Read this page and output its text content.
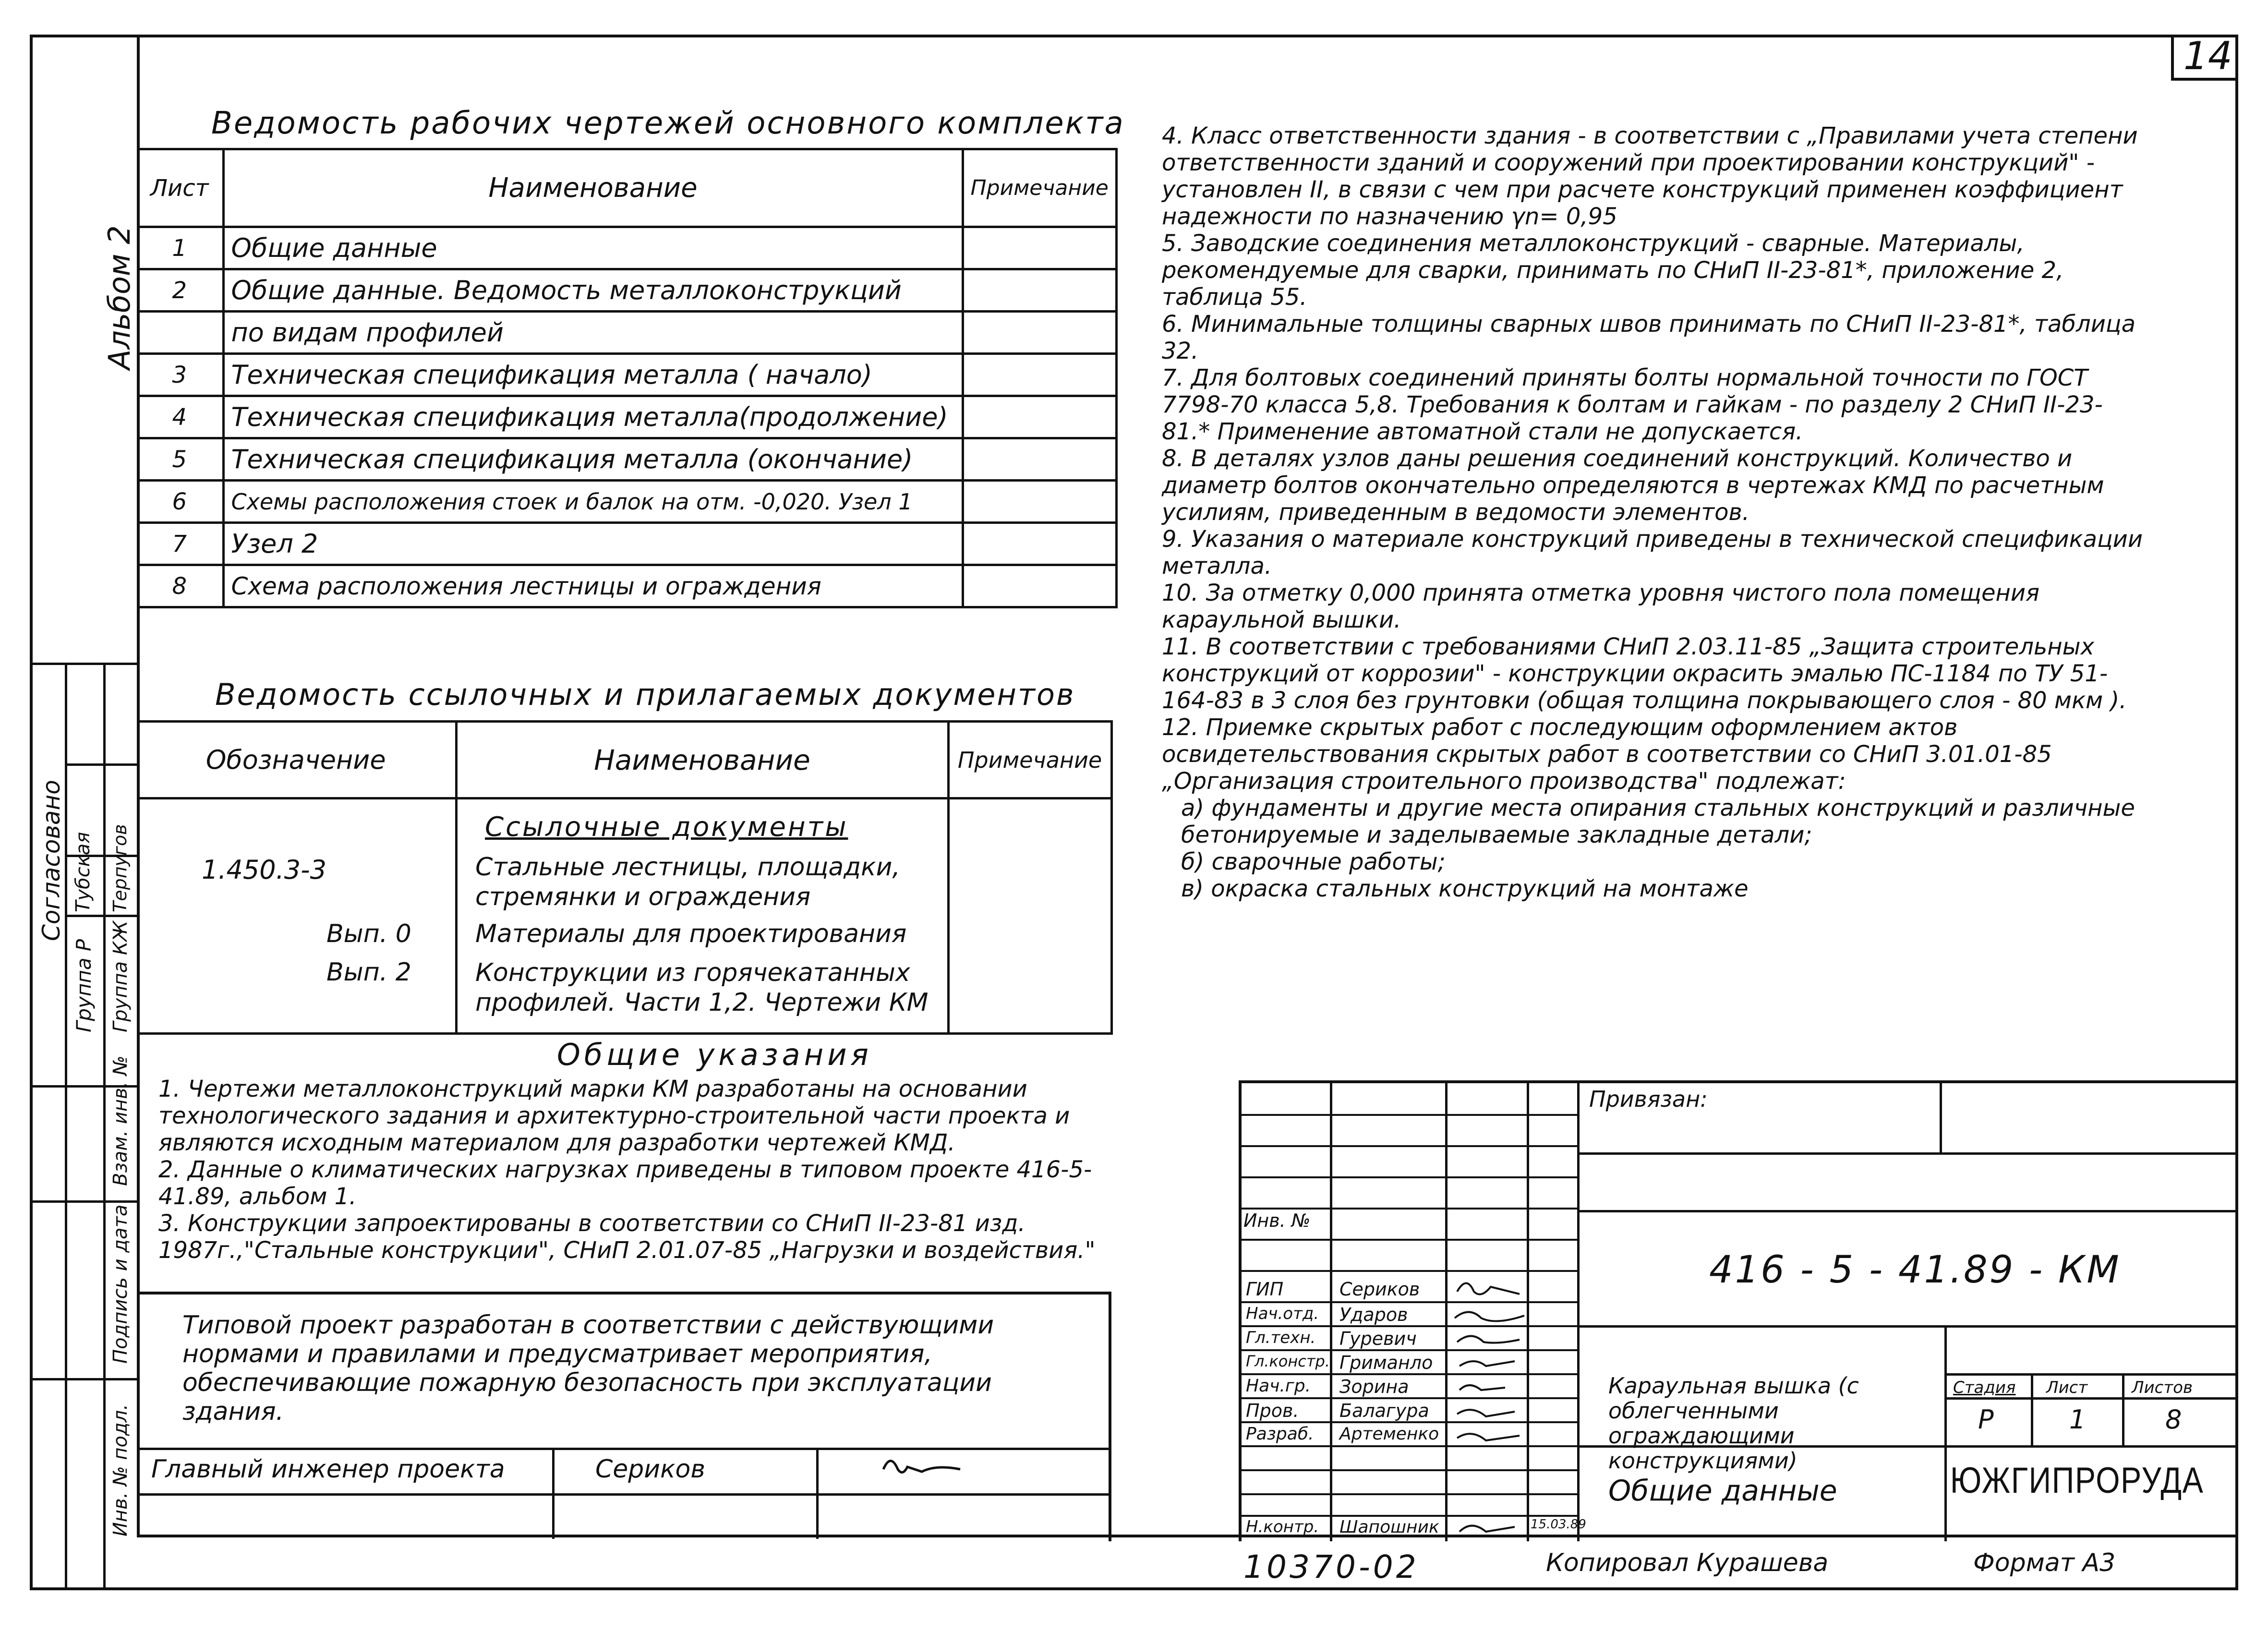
14
Альбом 2
Ведомость рабочих чертежей основного комплекта
Лист	Наименование	Примечание
1	Общие данные	
2	Общие данные. Ведомость металлоконструкций	
	по видам профилей	
3	Техническая спецификация металла ( начало)	
4	Техническая спецификация металла(продолжение)	
5	Техническая спецификация металла (окончание)	
6	Схемы расположения стоек и балок на отм. -0,020. Узел 1	
7	Узел 2	
8	Схема расположения лестницы и ограждения	
Ведомость ссылочных и прилагаемых документов
Обозначение	Наименование	Примечание

Ссылочные документы
1.450.3-3	Стальные лестницы, площадки, стремянки и ограждения
Вып. 0	Материалы для проектирования
Вып. 2	Конструкции из горячекатанных профилей. Части 1,2. Чертежи КМ
Общие указания

1. Чертежи металлоконструкций марки КМ разработаны на основании технологического задания и архитектурно-строительной части проекта и являются исходным материалом для разработки чертежей КМД.

2. Данные о климатических нагрузках приведены в типовом проекте 416-5-41.89, альбом 1.

3. Конструкции запроектированы в соответствии со СНиП II-23-81 изд. 1987г.,"Стальные конструкции", СНиП 2.01.07-85 „Нагрузки и воздействия."

Типовой проект разработан в соответствии с действующими нормами и правилами и предусматривает мероприятия, обеспечивающие пожарную безопасность при эксплуатации здания.
Главный инженер проекта	Сериков
Согласовано
Группа Р
Тубская
Группа КЖ
Терпугов
Взам. инв. №
Подпись и дата
Инв. № подл.

4. Класс ответственности здания - в соответствии с „Правилами учета степени ответственности зданий и сооружений при проектировании конструкций" - установлен II, в связи с чем при расчете конструкций применен коэффициент надежности по назначению γn= 0,95

5. Заводские соединения металлоконструкций - сварные. Материалы, рекомендуемые для сварки, принимать по СНиП II-23-81*, приложение 2, таблица 55.

6. Минимальные толщины сварных швов принимать по СНиП II-23-81*, таблица 32.

7. Для болтовых соединений приняты болты нормальной точности по ГОСТ 7798-70 класса 5,8. Требования к болтам и гайкам - по разделу 2 СНиП II-23-81.* Применение автоматной стали не допускается.

8. В деталях узлов даны решения соединений конструкций. Количество и диаметр болтов окончательно определяются в чертежах КМД по расчетным усилиям, приведенным в ведомости элементов.

9. Указания о материале конструкций приведены в технической спецификации металла.

10. За отметку 0,000 принята отметка уровня чистого пола помещения караульной вышки.

11. В соответствии с требованиями СНиП 2.03.11-85 „Защита строительных конструкций от коррозии" - конструкции окрасить эмалью ПС-1184 по ТУ 51-164-83 в 3 слоя без грунтовки (общая толщина покрывающего слоя - 80 мкм ).

12. Приемке скрытых работ с последующим оформлением актов освидетельствования скрытых работ в соответствии со СНиП 3.01.01-85 „Организация строительного производства" подлежат:

а) фундаменты и другие места опирания стальных конструкций и различные бетонируемые и заделываемые закладные детали;

б) сварочные работы;

в) окраска стальных конструкций на монтаже

Привязан:
Инв. №
416 - 5 - 41.89 - КМ
Караульная вышка (с облегченными ограждающими конструкциями)
Общие данные
Стадия Лист	Листов
Р	1	8
ЮЖГИПРОРУДА
15.03.89
ГИП	Сериков
Нач.отд. Ударов
Гл.техн. Гуревич
Гл.констр. Гриманло
Нач.гр. Зорина
Пров. Балагура
Разраб. Артеменко
Н.контр. Шапошник
10370-02	Копировал Курашева	Формат А3
